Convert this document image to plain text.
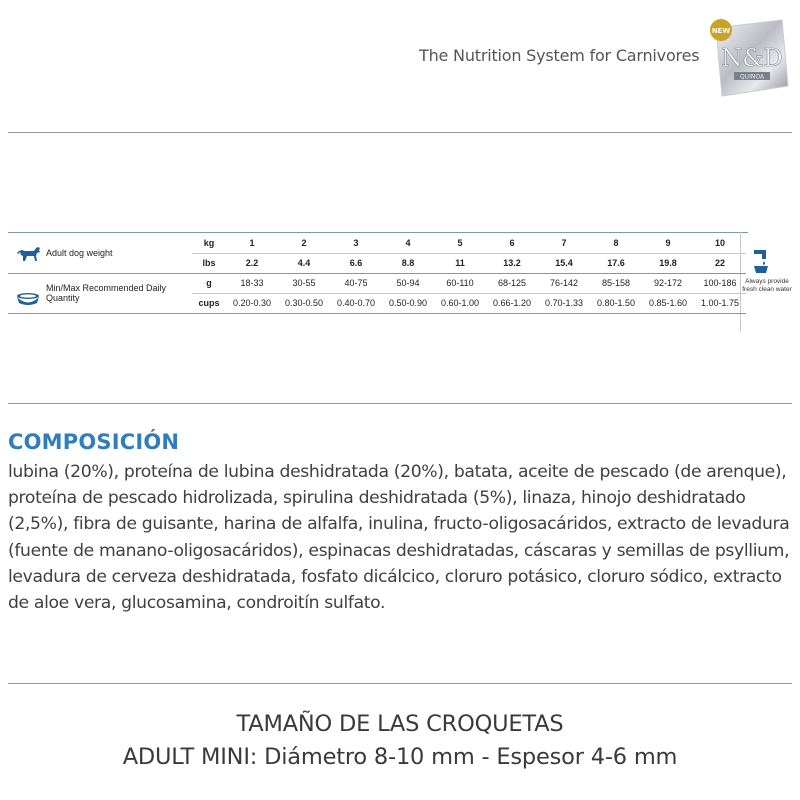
The Nutrition System for Carnivores
NEW
N&D
QUINOA
Adult dog weight	kg	1	2	3	4	5	6	7	8	9	10
	lbs	2.2	4.4	6.6	8.8	11	13.2	15.4	17.6	19.8	22
Min/Max Recommended Daily Quantity	g	18-33	30-55	40-75	50-94	60-110	68-125	76-142	85-158	92-172	100-186
	cups	0.20-0.30	0.30-0.50	0.40-0.70	0.50-0.90	0.60-1.00	0.66-1.20	0.70-1.33	0.80-1.50	0.85-1.60	1.00-1.75
Always provide fresh clean water
COMPOSICIÓN
lubina (20%), proteína de lubina deshidratada (20%), batata, aceite de pescado (de arenque), proteína de pescado hidrolizada, spirulina deshidratada (5%), linaza, hinojo deshidratado (2,5%), fibra de guisante, harina de alfalfa, inulina, fructo-oligosacáridos, extracto de levadura (fuente de manano-oligosacáridos), espinacas deshidratadas, cáscaras y semillas de psyllium, levadura de cerveza deshidratada, fosfato dicálcico, cloruro potásico, cloruro sódico, extracto de aloe vera, glucosamina, condroitín sulfato.
TAMAÑO DE LAS CROQUETAS
ADULT MINI: Diámetro 8-10 mm - Espesor 4-6 mm
